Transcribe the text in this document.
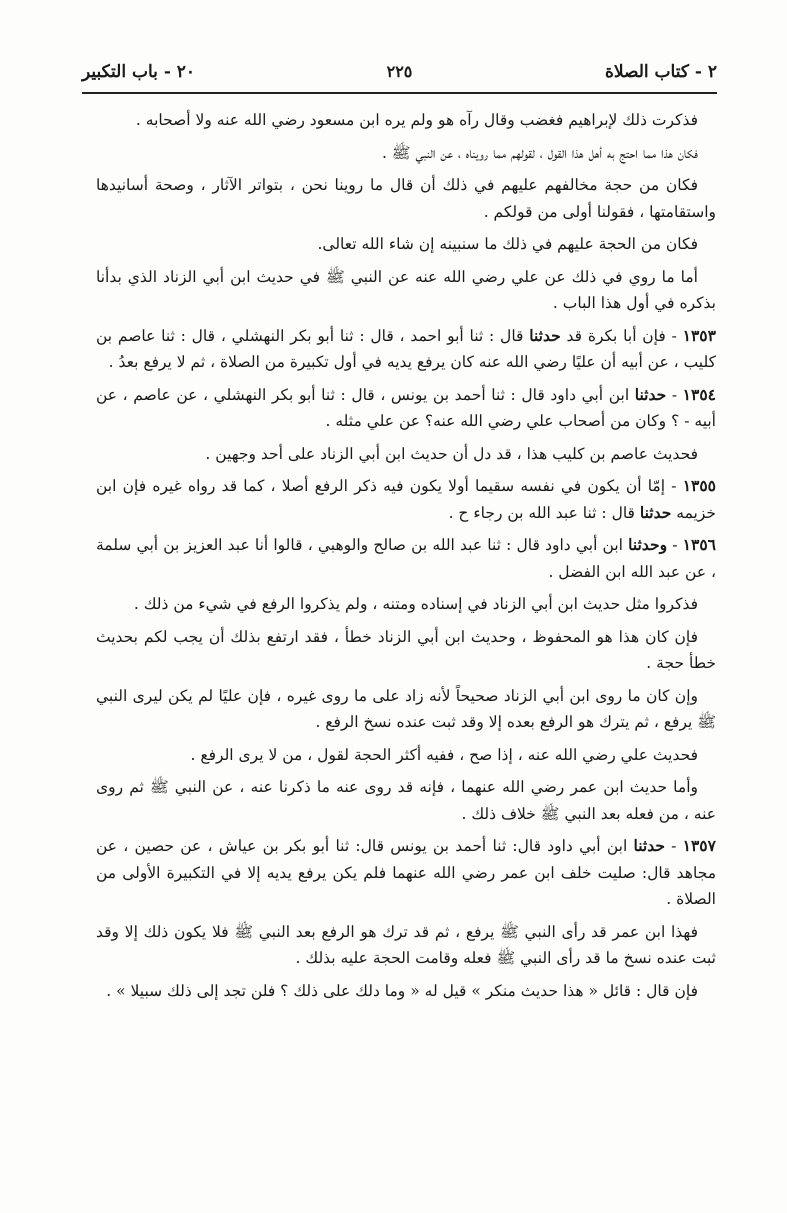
٢ - كتاب الصلاة
٢٢٥
٢٠ - باب التكبير

فذكرت ذلك لإبراهيم فغضب وقال رآه هو ولم يره ابن مسعود رضي الله عنه ولا أصحابه .

فكان هذا مما احتج به أهل هذا القول ، لقولهم مما رويناه ، عن النبي ﷺ .

فكان من حجة مخالفهم عليهم في ذلك أن قال ما روينا نحن ، بتواتر الآثار ، وصحة أسانيدها واستقامتها ، فقولنا أولى من قولكم .

فكان من الحجة عليهم في ذلك ما سنبينه إن شاء الله تعالى.

أما ما روي في ذلك عن علي رضي الله عنه عن النبي ﷺ في حديث ابن أبي الزناد الذي بدأنا بذكره في أول هذا الباب .

١٣٥٣ - فإن أبا بكرة قد حدثنا قال : ثنا أبو احمد ، قال : ثنا أبو بكر النهشلي ، قال : ثنا عاصم بن كليب ، عن أبيه أن عليًا رضي الله عنه كان يرفع يديه في أول تكبيرة من الصلاة ، ثم لا يرفع بعدُ .

١٣٥٤ - حدثنا ابن أبي داود قال : ثنا أحمد بن يونس ، قال : ثنا أبو بكر النهشلي ، عن عاصم ، عن أبيه - ؟ وكان من أصحاب علي رضي الله عنه؟ عن علي مثله .

فحديث عاصم بن كليب هذا ، قد دل أن حديث ابن أبي الزناد على أحد وجهين .

١٣٥٥ - إمّا أن يكون في نفسه سقيما أولا يكون فيه ذكر الرفع أصلا ، كما قد رواه غيره فإن ابن خزيمه حدثنا قال : ثنا عبد الله بن رجاء ح .

١٣٥٦ - وحدثنا ابن أبي داود قال : ثنا عبد الله بن صالح والوهبي ، قالوا أنا عبد العزيز بن أبي سلمة ، عن عبد الله ابن الفضل .

فذكروا مثل حديث ابن أبي الزناد في إسناده ومتنه ، ولم يذكروا الرفع في شيء من ذلك .

فإن كان هذا هو المحفوظ ، وحديث ابن أبي الزناد خطأ ، فقد ارتفع بذلك أن يجب لكم بحديث خطأ حجة .

وإن كان ما روى ابن أبي الزناد صحيحاً لأنه زاد على ما روى غيره ، فإن عليًا لم يكن ليرى النبي ﷺ يرفع ، ثم يترك هو الرفع بعده إلا وقد ثبت عنده نسخ الرفع .

فحديث علي رضي الله عنه ، إذا صح ، ففيه أكثر الحجة لقول ، من لا يرى الرفع .

وأما حديث ابن عمر رضي الله عنهما ، فإنه قد روى عنه ما ذكرنا عنه ، عن النبي ﷺ ثم روى عنه ، من فعله بعد النبي ﷺ خلاف ذلك .

١٣٥٧ - حدثنا ابن أبي داود قال: ثنا أحمد بن يونس قال: ثنا أبو بكر بن عياش ، عن حصين ، عن مجاهد قال: صليت خلف ابن عمر رضي الله عنهما فلم يكن يرفع يديه إلا في التكبيرة الأولى من الصلاة .

فهذا ابن عمر قد رأى النبي ﷺ يرفع ، ثم قد ترك هو الرفع بعد النبي ﷺ فلا يكون ذلك إلا وقد ثبت عنده نسخ ما قد رأى النبي ﷺ فعله وقامت الحجة عليه بذلك .

فإن قال : قائل « هذا حديث منكر » قيل له « وما دلك على ذلك ؟ فلن تجد إلى ذلك سبيلا » .
